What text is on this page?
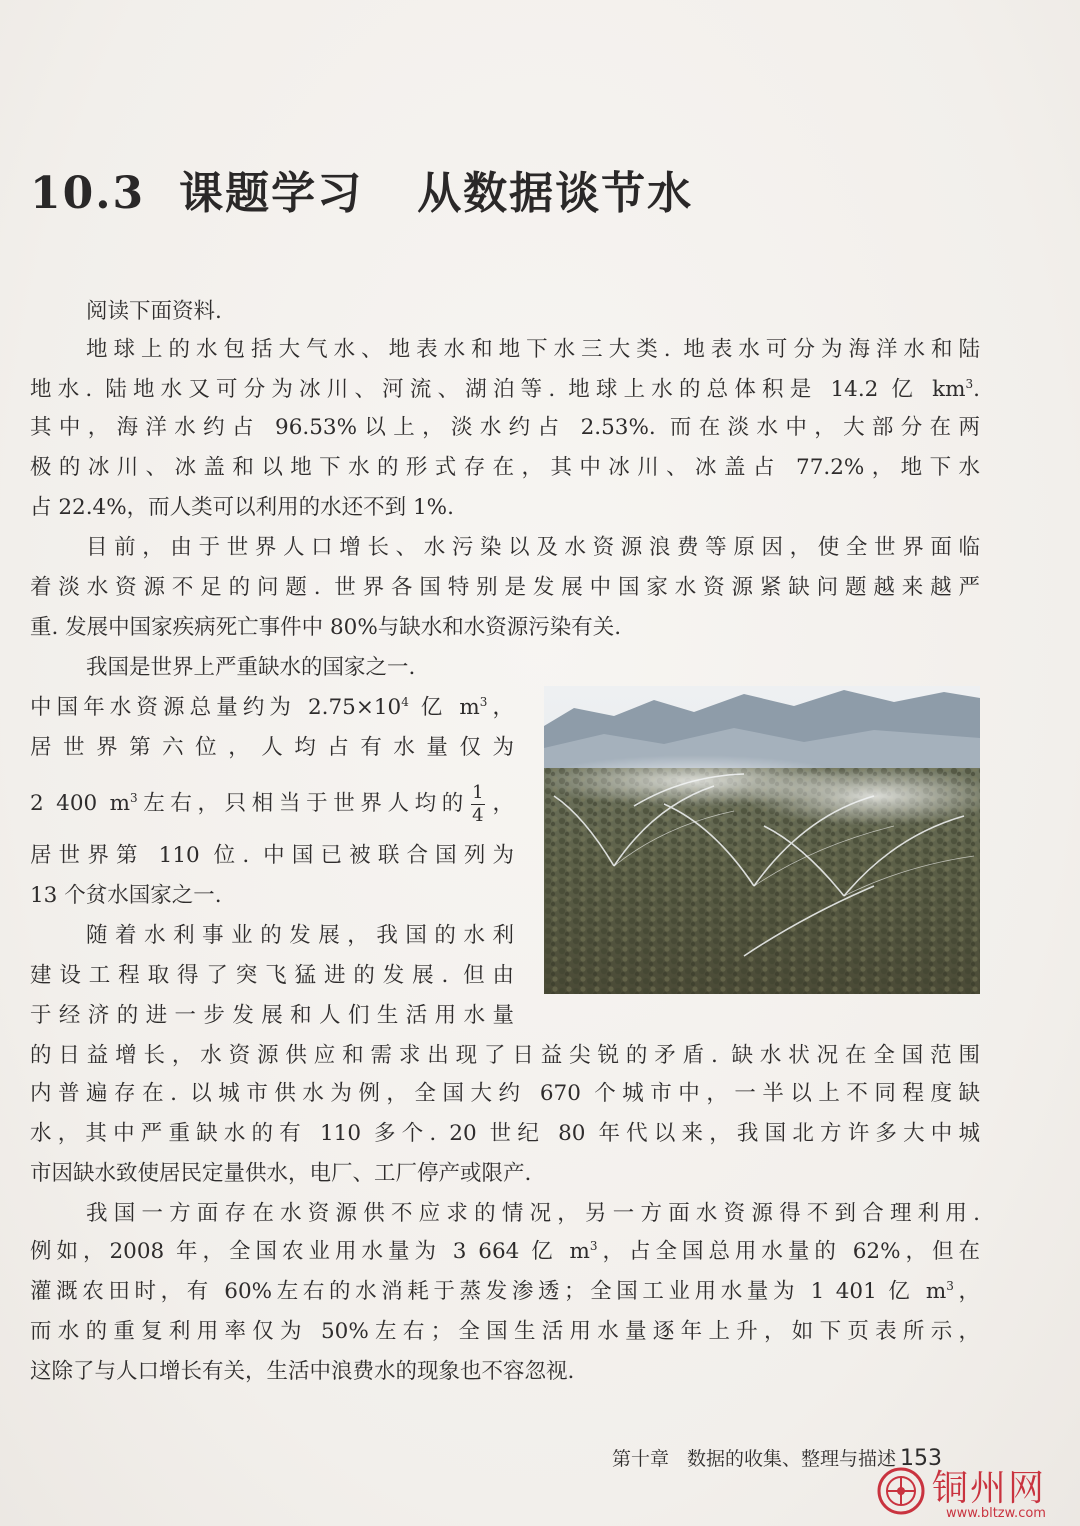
10.3 课题学习 从数据谈节水
阅读下面资料.
地球上的水包括大气水、地表水和地下水三大类. 地表水可分为海洋水和陆
地水. 陆地水又可分为冰川、河流、湖泊等. 地球上水的总体积是 14.2 亿 $km^3$.
其中，海洋水约占 96.53%以上，淡水约占 2.53%. 而在淡水中，大部分在两
极的冰川、冰盖和以地下水的形式存在，其中冰川、冰盖占 77.2%，地下水
占 22.4%，而人类可以利用的水还不到 1%.
目前，由于世界人口增长、水污染以及水资源浪费等原因，使全世界面临
着淡水资源不足的问题. 世界各国特别是发展中国家水资源紧缺问题越来越严
重. 发展中国家疾病死亡事件中 80%与缺水和水资源污染有关.
我国是世界上严重缺水的国家之一.
中国年水资源总量约为 $2.75\times 10^4$ 亿 $m^3$，
居世界第六位，人均占有水量仅为
2 400 $m^3$左右，只相当于世界人均的 $\frac{1}{4}$ ，
居世界第 110 位. 中国已被联合国列为
13 个贫水国家之一.
随着水利事业的发展，我国的水利
建设工程取得了突飞猛进的发展. 但由
于经济的进一步发展和人们生活用水量
的日益增长，水资源供应和需求出现了日益尖锐的矛盾. 缺水状况在全国范围
内普遍存在. 以城市供水为例，全国大约 670 个城市中，一半以上不同程度缺
水，其中严重缺水的有 110 多个. 20 世纪 80 年代以来，我国北方许多大中城
市因缺水致使居民定量供水，电厂、工厂停产或限产.
我国一方面存在水资源供不应求的情况，另一方面水资源得不到合理利用.
例如，2008 年，全国农业用水量为 3 664 亿 $m^3$，占全国总用水量的 62%，但在
灌溉农田时，有 60%左右的水消耗于蒸发渗透；全国工业用水量为 1 401 亿 $m^3$，
而水的重复利用率仅为 50%左右；全国生活用水量逐年上升，如下页表所示，
这除了与人口增长有关，生活中浪费水的现象也不容忽视.
第十章 数据的收集、整理与描述 153
铜州网
www.bltzw.com
